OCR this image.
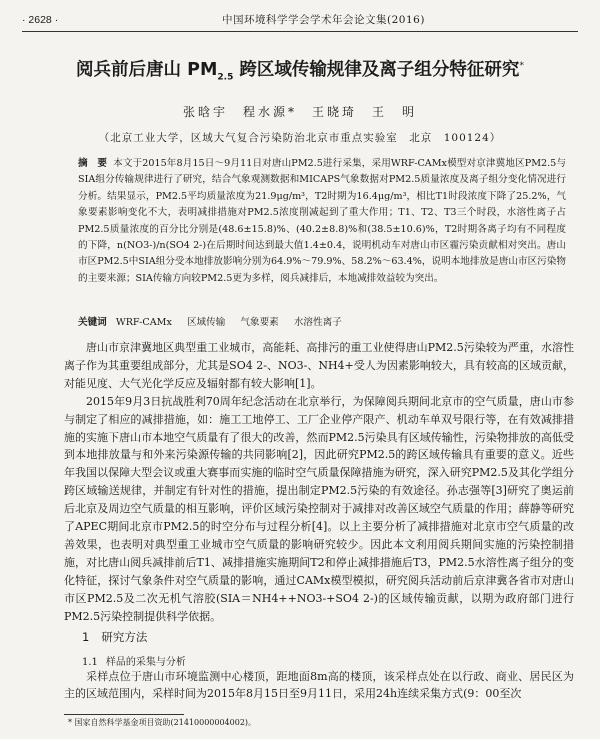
· 2628 ·	中国环境科学学会学术年会论文集(2016)
阅兵前后唐山 $PM_{2.5}$ 跨区域传输规律及离子组分特征研究*
张晗宇　程水源*　王晓琦　王　明
（北京工业大学，区域大气复合污染防治北京市重点实验室　北京　100124）
摘　要 本文于2015年8月15日～9月11日对唐山PM2.5进行采集，采用WRF-CAMx模型对京津冀地区PM2.5与SIA组分传输规律进行了研究，结合气象观测数据和MICAPS气象数据对PM2.5质量浓度及离子组分变化情况进行分析。结果显示，PM2.5平均质量浓度为21.9μg/m³，T2时期为16.4μg/m³，相比T1时段浓度下降了25.2%，气象要素影响变化不大，表明减排措施对PM2.5浓度削减起到了重大作用；T1、T2、T3三个时段，水溶性离子占PM2.5质量浓度的百分比分别是(48.6±15.8)%、(40.2±8.8)%和(38.5±10.6)%，T2时期各离子均有不同程度的下降，n(NO3-)/n(SO4 2-)在后期时间达到最大值1.4±0.4，说明机动车对唐山市区霾污染贡献相对突出。唐山市区PM2.5中SIA组分受本地排放影响分别为64.9%～79.9%、58.2%～63.4%，说明本地排放是唐山市区污染物的主要来源；SIA传输方向较PM2.5更为多样，阅兵减排后，本地减排效益较为突出。
关键词 WRF-CAMx 区域传输 气象要素 水溶性离子

唐山市京津冀地区典型重工业城市，高能耗、高排污的重工业使得唐山PM2.5污染较为严重，水溶性离子作为其重要组成部分，尤其是SO4 2-、NO3-、NH4+受人为因素影响较大，具有较高的区域贡献，对能见度、大气光化学反应及辐射都有较大影响[1]。

2015年9月3日抗战胜利70周年纪念活动在北京举行，为保障阅兵期间北京市的空气质量，唐山市参与制定了相应的减排措施，如：施工工地停工、工厂企业停产限产、机动车单双号限行等，在有效减排措施的实施下唐山市本地空气质量有了很大的改善，然而PM2.5污染具有区域传输性，污染物排放的高低受到本地排放量与和外来污染源传输的共同影响[2]，因此研究PM2.5的跨区域传输具有重要的意义。近些年我国以保障大型会议或重大赛事而实施的临时空气质量保障措施为研究，深入研究PM2.5及其化学组分跨区域输送规律，并制定有针对性的措施，提出制定PM2.5污染的有效途径。孙志强等[3]研究了奥运前后北京及周边空气质量的相互影响，评价区域污染控制对于减排对改善区域空气质量的作用；薛静等研究了APEC期间北京市PM2.5的时空分布与过程分析[4]。以上主要分析了减排措施对北京市空气质量的改善效果，也表明对典型重工业城市空气质量的影响研究较少。因此本文利用阅兵期间实施的污染控制措施，对比唐山阅兵减排前后T1、减排措施实施期间T2和停止减排措施后T3，PM2.5水溶性离子组分的变化特征，探讨气象条件对空气质量的影响，通过CAMx模型模拟，研究阅兵活动前后京津冀各省市对唐山市区PM2.5及二次无机气溶胶(SIA＝NH4++NO3-+SO4 2-)的区域传输贡献，以期为政府部门进行PM2.5污染控制提供科学依据。

1 研究方法
1.1 样品的采集与分析

采样点位于唐山市环境监测中心楼顶，距地面8m高的楼顶，该采样点处在以行政、商业、居民区为主的区域范围内，采样时间为2015年8月15日至9月11日，采用24h连续采集方式(9：00至次

* 国家自然科学基金项目资助(21410000004002)。
